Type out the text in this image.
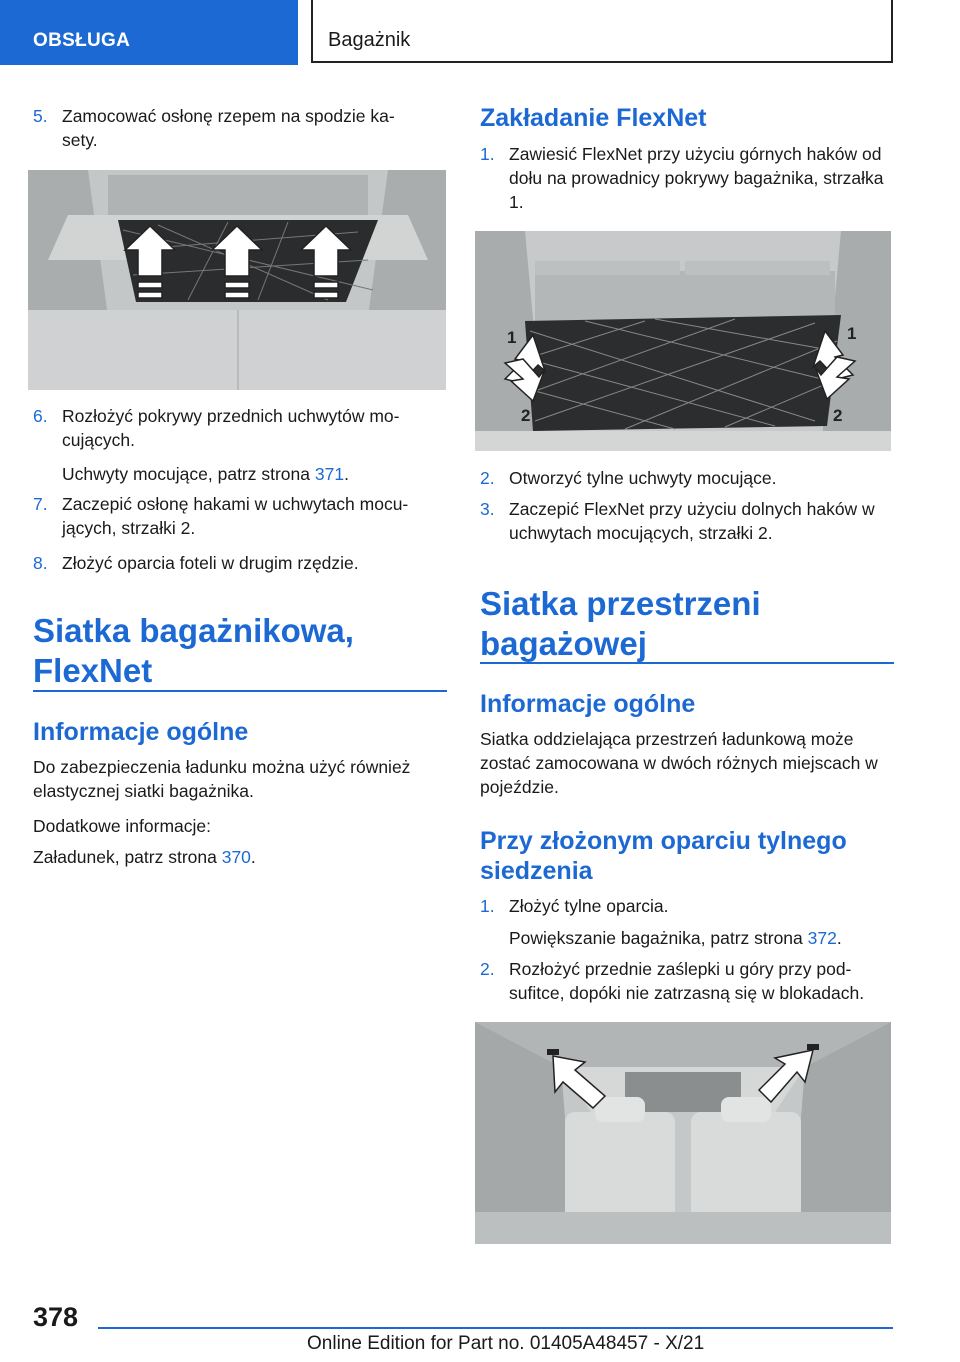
OBSŁUGA	Bagażnik
5. Zamocować osłonę rzepem na spodzie ka-
sety.
6. Rozłożyć pokrywy przednich uchwytów mo-
cujących.
Uchwyty mocujące, patrz strona 371.
7. Zaczepić osłonę hakami w uchwytach mocu-
jących, strzałki 2.
8. Złożyć oparcia foteli w drugim rzędzie.
Siatka bagażnikowa, FlexNet
Informacje ogólne
Do zabezpieczenia ładunku można użyć również elastycznej siatki bagażnika.
Dodatkowe informacje:
Załadunek, patrz strona 370.
Zakładanie FlexNet
1. Zawiesić FlexNet przy użyciu górnych haków od dołu na prowadnicy pokrywy bagażnika, strzałka 1.
1	1
2	2
2. Otworzyć tylne uchwyty mocujące.
3. Zaczepić FlexNet przy użyciu dolnych haków w uchwytach mocujących, strzałki 2.
Siatka przestrzeni bagażowej
Informacje ogólne
Siatka oddzielająca przestrzeń ładunkową może zostać zamocowana w dwóch różnych miejscach w pojeździe.
Przy złożonym oparciu tylnego siedzenia
1. Złożyć tylne oparcia.
Powiększanie bagażnika, patrz strona 372.
2. Rozłożyć przednie zaślepki u góry przy pod-
sufitce, dopóki nie zatrzasną się w blokadach.
378
Online Edition for Part no. 01405A48457 - X/21
